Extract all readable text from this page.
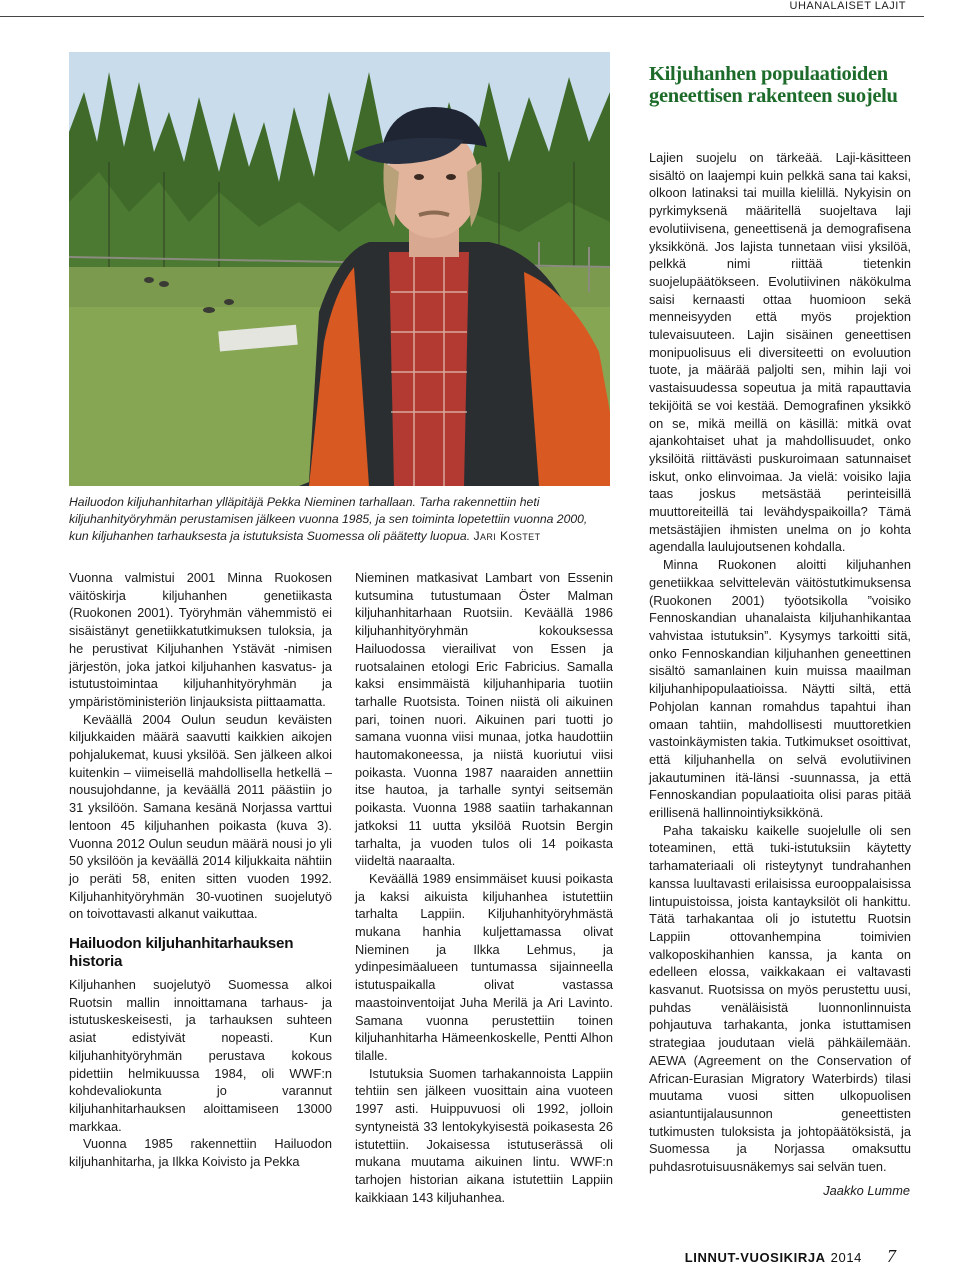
UHANALAISET LAJIT
Hailuodon kiljuhanhitarhan ylläpitäjä Pekka Nieminen tarhallaan. Tarha rakennettiin heti kiljuhanhityöryhmän perustamisen jälkeen vuonna 1985, ja sen toiminta lopetettiin vuonna 2000, kun kiljuhanhen tarhauksesta ja istutuksista Suomessa oli päätetty luopua. Jari Kostet
Kiljuhanhen populaatioiden geneettisen rakenteen suojelu

Vuonna valmistui 2001 Minna Ruokosen väitöskirja kiljuhanhen genetiikasta (Ruokonen 2001). Työryhmän vähemmistö ei sisäistänyt genetiikkatutkimuksen tuloksia, ja he perustivat Kiljuhanhen Ystävät -nimisen järjestön, joka jatkoi kiljuhanhen kasvatus- ja istutustoimintaa kiljuhanhityöryhmän ja ympäristöministeriön linjauksista piittaamatta.

Keväällä 2004 Oulun seudun keväisten kiljukkaiden määrä saavutti kaikkien aikojen pohjalukemat, kuusi yksilöä. Sen jälkeen alkoi kuitenkin – viimeisellä mahdollisella hetkellä – nousujohdanne, ja keväällä 2011 päästiin jo 31 yksilöön. Samana kesänä Norjassa varttui lentoon 45 kiljuhanhen poikasta (kuva 3). Vuonna 2012 Oulun seudun määrä nousi jo yli 50 yksilöön ja keväällä 2014 kiljukkaita nähtiin jo peräti 58, eniten sitten vuoden 1992. Kiljuhanhityöryhmän 30-vuotinen suojelutyö on toivottavasti alkanut vaikuttaa.

Hailuodon kiljuhanhitarhauksen historia

Kiljuhanhen suojelutyö Suomessa alkoi Ruotsin mallin innoittamana tarhaus- ja istutuskeskeisesti, ja tarhauksen suhteen asiat edistyivät nopeasti. Kun kiljuhanhityöryhmän perustava kokous pidettiin helmikuussa 1984, oli WWF:n kohdevaliokunta jo varannut kiljuhanhitarhauksen aloittamiseen 13000 markkaa.

Vuonna 1985 rakennettiin Hailuodon kiljuhanhitarha, ja Ilkka Koivisto ja Pekka

Nieminen matkasivat Lambart von Essenin kutsumina tutustumaan Öster Malman kiljuhanhitarhaan Ruotsiin. Keväällä 1986 kiljuhanhityöryhmän kokouksessa Hailuodossa vierailivat von Essen ja ruotsalainen etologi Eric Fabricius. Samalla kaksi ensimmäistä kiljuhanhiparia tuotiin tarhalle Ruotsista. Toinen niistä oli aikuinen pari, toinen nuori. Aikuinen pari tuotti jo samana vuonna viisi munaa, jotka haudottiin hautomakoneessa, ja niistä kuoriutui viisi poikasta. Vuonna 1987 naaraiden annettiin itse hautoa, ja tarhalle syntyi seitsemän poikasta. Vuonna 1988 saatiin tarhakannan jatkoksi 11 uutta yksilöä Ruotsin Bergin tarhalta, ja vuoden tulos oli 14 poikasta viideltä naaraalta.

Keväällä 1989 ensimmäiset kuusi poikasta ja kaksi aikuista kiljuhanhea istutettiin tarhalta Lappiin. Kiljuhanhityöryhmästä mukana hanhia kuljettamassa olivat Nieminen ja Ilkka Lehmus, ja ydinpesimäalueen tuntumassa sijainneella istutuspaikalla olivat vastassa maastoinventoijat Juha Merilä ja Ari Lavinto. Samana vuonna perustettiin toinen kiljuhanhitarha Hämeenkoskelle, Pentti Alhon tilalle.

Istutuksia Suomen tarhakannoista Lappiin tehtiin sen jälkeen vuosittain aina vuoteen 1997 asti. Huippuvuosi oli 1992, jolloin syntyneistä 33 lentokykyisestä poikasesta 26 istutettiin. Jokaisessa istutuserässä oli mukana muutama aikuinen lintu. WWF:n tarhojen historian aikana istutettiin Lappiin kaikkiaan 143 kiljuhanhea.

Lajien suojelu on tärkeää. Laji-käsitteen sisältö on laajempi kuin pelkkä sana tai kaksi, olkoon latinaksi tai muilla kielillä. Nykyisin on pyrkimyksenä määritellä suojeltava laji evolutiivisena, geneettisenä ja demografisena yksikkönä. Jos lajista tunnetaan viisi yksilöä, pelkkä nimi riittää tietenkin suojelupäätökseen. Evolutiivinen näkökulma saisi kernaasti ottaa huomioon sekä menneisyyden että myös projektion tulevaisuuteen. Lajin sisäinen geneettisen monipuolisuus eli diversiteetti on evoluution tuote, ja määrää paljolti sen, mihin laji voi vastaisuudessa sopeutua ja mitä rapauttavia tekijöitä se voi kestää. Demografinen yksikkö on se, mikä meillä on käsillä: mitkä ovat ajankohtaiset uhat ja mahdollisuudet, onko yksilöitä riittävästi puskuroimaan satunnaiset iskut, onko elinvoimaa. Ja vielä: voisiko lajia taas joskus metsästää perinteisillä muuttoreiteillä tai levähdyspaikoilla? Tämä metsästäjien ihmisten unelma on jo kohta agendalla laulujoutsenen kohdalla.

Minna Ruokonen aloitti kiljuhanhen genetiikkaa selvittelevän väitöstutkimuksensa (Ruokonen 2001) työotsikolla ”voisiko Fennoskandian uhanalaista kiljuhanhikantaa vahvistaa istutuksin”. Kysymys tarkoitti sitä, onko Fennoskandian kiljuhanhen geneettinen sisältö samanlainen kuin muissa maailman kiljuhanhipopulaatioissa. Näytti siltä, että Pohjolan kannan romahdus tapahtui ihan omaan tahtiin, mahdollisesti muuttoretkien vastoinkäymisten takia. Tutkimukset osoittivat, että kiljuhanhella on selvä evolutiivinen jakautuminen itä-länsi -suunnassa, ja että Fennoskandian populaatioita olisi paras pitää erillisenä hallinnointiyksikkönä.

Paha takaisku kaikelle suojelulle oli sen toteaminen, että tuki-istutuksiin käytetty tarhamateriaali oli risteytynyt tundrahanhen kanssa luultavasti erilaisissa eurooppalaisissa lintupuistoissa, joista kantayksilöt oli hankittu. Tätä tarhakantaa oli jo istutettu Ruotsin Lappiin ottovanhempina toimivien valkoposkihanhien kanssa, ja kanta on edelleen elossa, vaikkakaan ei valtavasti kasvanut. Ruotsissa on myös perustettu uusi, puhdas venäläisistä luonnonlinnuista pohjautuva tarhakanta, jonka istuttamisen strategiaa joudutaan vielä pähkäilemään. AEWA (Agreement on the Conservation of African-Eurasian Migratory Waterbirds) tilasi muutama vuosi sitten ulkopuolisen asiantuntijalausunnon geneettisten tutkimusten tuloksista ja johtopäätöksistä, ja Suomessa ja Norjassa omaksuttu puhdasrotuisuusnäkemys sai selvän tuen.

Jaakko Lumme
LINNUT-VUOSIKIRJA 2014 7
